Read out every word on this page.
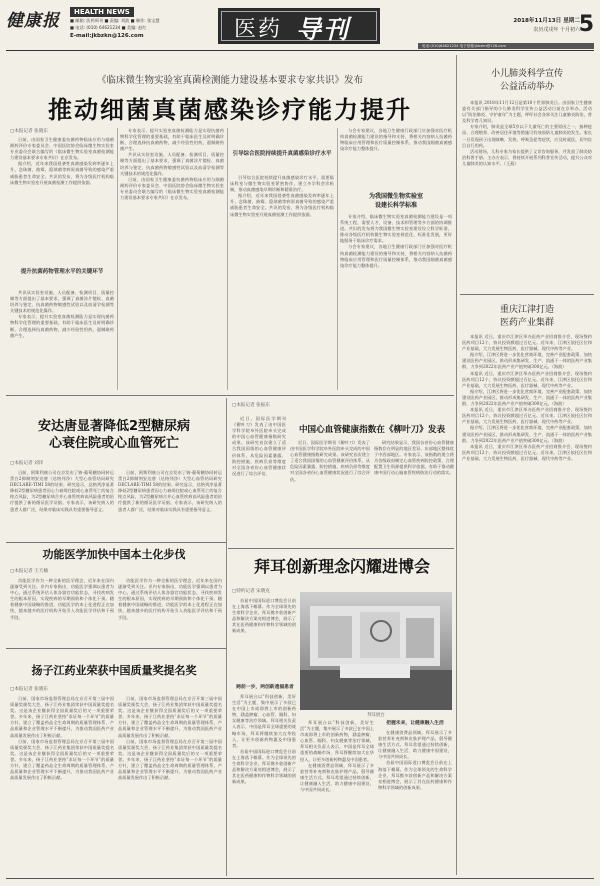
健康报	HEALTH NEWS
■ 邮箱: 医药周刊 ■ 责编: 刘波 ■ 制作: 张宝慧
■ 电话: (010) 64621234 ■ 美编: 赵红
E-mail:jkbzkn@126.com	医药 导刊	2018年11月13日 星期二
农历戊戌年 十月初六
5
电话:(010)64621234 电子信箱:jkbzkn@126.com
《临床微生物实验室真菌检测能力建设基本要求专家共识》发布
推动细菌真菌感染诊疗能力提升
□本报记者 张晓东

日前，由国家卫生健康委抗菌药物临床应用与细菌耐药评价专家委员会、中国医院协会临床微生物实验室专业委员会联合编写的《临床微生物实验室真菌检测能力建设基本要求专家共识》在京发布。

据介绍，近年来我国侵袭性真菌感染发病率逐年上升，念珠菌、曲霉、隐球菌等病原真菌导致的感染严重威胁患者生命安全。共识的发布，将为各级医疗机构临床微生物实验室开展真菌检测工作提供依据。

提升抗菌药物管理水平的关键环节

共识从实验室设施、人员配备、检测项目、质量控制等方面提出了基本要求，强调了真菌涂片镜检、真菌培养与鉴定、抗真菌药物敏感性试验以及血清学检测等关键技术的规范化操作。

专家表示，提升实验室真菌检测能力是实现抗菌药物科学化管理的重要基础，有助于临床医生及时明确诊断，合理选择抗真菌药物，减少经验性用药，遏制耐药菌产生。

专家表示，提升实验室真菌检测能力是实现抗菌药物科学化管理的重要基础，有助于临床医生及时明确诊断，合理选择抗真菌药物，减少经验性用药，遏制耐药菌产生。

共识从实验室设施、人员配备、检测项目、质量控制等方面提出了基本要求，强调了真菌涂片镜检、真菌培养与鉴定、抗真菌药物敏感性试验以及血清学检测等关键技术的规范化操作。

日前，由国家卫生健康委抗菌药物临床应用与细菌耐药评价专家委员会、中国医院协会临床微生物实验室专业委员会联合编写的《临床微生物实验室真菌检测能力建设基本要求专家共识》在京发布。

引导综合医院持续提升真菌感染诊疗水平

引导综合医院持续提升真菌感染诊疗水平，需要临床科室与微生物实验室紧密协作，建立多学科会诊机制，推动真菌感染早期诊断和精准治疗。

据介绍，近年来我国侵袭性真菌感染发病率逐年上升，念珠菌、曲霉、隐球菌等病原真菌导致的感染严重威胁患者生命安全。共识的发布，将为各级医疗机构临床微生物实验室开展真菌检测工作提供依据。

与会专家建议，各地卫生健康行政部门应加强对医疗机构真菌检测能力建设的指导和支持，将相关内容纳入抗菌药物临床应用管理和医疗质量控制体系，推动我国细菌真菌感染诊疗能力整体提升。

为我国微生物实验室
设建长科学标准

专家介绍，临床微生物实验室真菌检测能力建设是一项系统工程，需要人才、设备、技术和管理等多方面的协调推进。共识的发布将为我国微生物实验室建设设立科学标准，推动各级医疗机构微生物实验室规范化、标准化发展，更好地服务于临床诊疗需求。

与会专家建议，各地卫生健康行政部门应加强对医疗机构真菌检测能力建设的指导和支持，将相关内容纳入抗菌药物临床应用管理和医疗质量控制体系，推动我国细菌真菌感染诊疗能力整体提升。

小儿肺炎科学宣传
公益活动举办

本报讯 2018年11月12日是第10个世界肺炎日。由国家卫生健康委有关部门指导的小儿肺炎科学宣传公益活动日前在京举办。活动以“防治肺炎、守护童年”为主题，呼吁社会各界关注儿童肺炎防治，普及科学育儿知识。

专家介绍，肺炎是全球5岁以下儿童死亡的主要原因之一，接种疫苗、合理喂养、改善居住环境等措施可有效预防儿童肺炎的发生。家长一旦发现孩子出现咳嗽、发热、呼吸急促等症状，应及时就医，切勿盲目自行用药。

活动现场，儿科专家为家长提供了义诊咨询服务，并发放了肺炎防治科普手册。主办方表示，将持续开展系列科普宣传活动，提升公众对儿童肺炎的认知水平。（王燕）

重庆江津打造
医药产业集群

本报讯 近日，重庆市江津区举办医药产业招商推介会，现场签约医药项目12个，协议投资额超过百亿元。近年来，江津区依托区位和产业基础，大力发展生物医药、医疗器械、现代中药等产业。

据介绍，江津区将进一步优化营商环境，完善产业配套政策，加快建设医药产业园区，推动形成集研发、生产、流通于一体的医药产业集群，力争到2022年医药产业产值突破300亿元。（海波）

本报讯 近日，重庆市江津区举办医药产业招商推介会，现场签约医药项目12个，协议投资额超过百亿元。近年来，江津区依托区位和产业基础，大力发展生物医药、医疗器械、现代中药等产业。

据介绍，江津区将进一步优化营商环境，完善产业配套政策，加快建设医药产业园区，推动形成集研发、生产、流通于一体的医药产业集群，力争到2022年医药产业产值突破300亿元。（海波）

本报讯 近日，重庆市江津区举办医药产业招商推介会，现场签约医药项目12个，协议投资额超过百亿元。近年来，江津区依托区位和产业基础，大力发展生物医药、医疗器械、现代中药等产业。

据介绍，江津区将进一步优化营商环境，完善产业配套政策，加快建设医药产业园区，推动形成集研发、生产、流通于一体的医药产业集群，力争到2022年医药产业产值突破300亿元。（海波）

本报讯 近日，重庆市江津区举办医药产业招商推介会，现场签约医药项目12个，协议投资额超过百亿元。近年来，江津区依托区位和产业基础，大力发展生物医药、医疗器械、现代中药等产业。

安达唐显著降低2型糖尿病
心衰住院或心血管死亡
□本报记者 刘洋

日前，阿斯利康公司在京发布了钠-葡萄糖协同转运蛋白2抑制剂安达唐（达格列净）大型心血管结局研究DECLARE-TIMI 58的结果。研究显示，达格列净显著降低2型糖尿病患者因心力衰竭住院或心血管死亡的复合终点风险，为2型糖尿病合并心血管疾病高风险患者的治疗提供了新的循证医学证据。专家表示，该研究纳入的患者人群广泛，结果对临床实践具有重要指导意义。

日前，阿斯利康公司在京发布了钠-葡萄糖协同转运蛋白2抑制剂安达唐（达格列净）大型心血管结局研究DECLARE-TIMI 58的结果。研究显示，达格列净显著降低2型糖尿病患者因心力衰竭住院或心血管死亡的复合终点风险，为2型糖尿病合并心血管疾病高风险患者的治疗提供了新的循证医学证据。专家表示，该研究纳入的患者人群广泛，结果对临床实践具有重要指导意义。

功能医学加快中国本土化步伐
□本报记者 王天楠

功能医学作为一种全新的医学理念，近年来在国内逐渐受到关注。业内专家指出，功能医学强调以患者为中心，通过系统评估人体各器官功能状态，寻找疾病发生的根本原因，实现疾病的早期预防和个体化干预。随着健康中国战略的推进，功能医学的本土化进程正在加快，越来越多的医疗机构开始引入功能医学评估和干预手段。

功能医学作为一种全新的医学理念，近年来在国内逐渐受到关注。业内专家指出，功能医学强调以患者为中心，通过系统评估人体各器官功能状态，寻找疾病发生的根本原因，实现疾病的早期预防和个体化干预。随着健康中国战略的推进，功能医学的本土化进程正在加快，越来越多的医疗机构开始引入功能医学评估和干预手段。

扬子江药业荣获中国质量奖提名奖
□本报记者 张晓东

日前，国家市场监督管理总局在京召开第三届中国质量奖颁奖大会，扬子江药业集团荣获中国质量奖提名奖。这是该企业继获得全国质量奖后的又一项重要荣誉。多年来，扬子江药业坚持“求证每一个环节”的质量方针，建立了覆盖药品全生命周期的质量管理体系，产品质量和企业管理水平不断提升，为推动我国医药产业高质量发展作出了积极贡献。

日前，国家市场监督管理总局在京召开第三届中国质量奖颁奖大会，扬子江药业集团荣获中国质量奖提名奖。这是该企业继获得全国质量奖后的又一项重要荣誉。多年来，扬子江药业坚持“求证每一个环节”的质量方针，建立了覆盖药品全生命周期的质量管理体系，产品质量和企业管理水平不断提升，为推动我国医药产业高质量发展作出了积极贡献。

日前，国家市场监督管理总局在京召开第三届中国质量奖颁奖大会，扬子江药业集团荣获中国质量奖提名奖。这是该企业继获得全国质量奖后的又一项重要荣誉。多年来，扬子江药业坚持“求证每一个环节”的质量方针，建立了覆盖药品全生命周期的质量管理体系，产品质量和企业管理水平不断提升，为推动我国医药产业高质量发展作出了积极贡献。

日前，国家市场监督管理总局在京召开第三届中国质量奖颁奖大会，扬子江药业集团荣获中国质量奖提名奖。这是该企业继获得全国质量奖后的又一项重要荣誉。多年来，扬子江药业坚持“求证每一个环节”的质量方针，建立了覆盖药品全生命周期的质量管理体系，产品质量和企业管理水平不断提升，为推动我国医药产业高质量发展作出了积极贡献。

□本报记者 张振东
中国心血管健康指数在《柳叶刀》发表

近日，国际医学期刊《柳叶刀》发表了由中国医学科学院阜外医院牵头完成的中国心血管健康指数研究成果。该研究首次建立了适合我国国情的心血管健康评价体系，从危险因素暴露、防控措施、疾病负担等维度对全国各省份心血管健康状况进行了综合评估。

近日，国际医学期刊《柳叶刀》发表了由中国医学科学院阜外医院牵头完成的中国心血管健康指数研究成果。该研究首次建立了适合我国国情的心血管健康评价体系，从危险因素暴露、防控措施、疾病负担等维度对全国各省份心血管健康状况进行了综合评估。

研究结果显示，我国各省份心血管健康指数存在明显的地区差异，东部地区整体优于中西部地区。专家表示，该指数的建立将为各级政府制定心血管疾病防控政策、合理配置卫生资源提供科学依据，有助于推动健康中国行动心脑血管疾病防治行动的落实。

拜耳创新理念闪耀进博会
□特约记者 宋晓克

首届中国国际进口博览会日前在上海落下帷幕。作为全球领先的生命科学企业，拜耳携多款创新产品和解决方案亮相进博会，展示了其在医药健康和作物科学领域的创新成果。

跨前一步，两创新遗福患者

拜耳展台以“科技创新，美好生活”为主题，集中展示了多款已在中国上市或即将上市的创新药物，涵盖肿瘤、心血管、眼科、妇女健康等治疗领域。拜耳相关负责人表示，中国是拜耳全球重要的战略市场，拜耳将继续加大在华投入，让更多创新药物惠及中国患者。

首届中国国际进口博览会日前在上海落下帷幕。作为全球领先的生命科学企业，拜耳携多款创新产品和解决方案亮相进博会，展示了其在医药健康和作物科学领域的创新成果。

拜耳展台

拜耳展台以“科技创新，美好生活”为主题，集中展示了多款已在中国上市或即将上市的创新药物，涵盖肿瘤、心血管、眼科、妇女健康等治疗领域。拜耳相关负责人表示，中国是拜耳全球重要的战略市场，拜耳将继续加大在华投入，让更多创新药物惠及中国患者。

在健康消费品领域，拜耳展示了多款营养补充剂和皮肤护理产品，倡导健康生活方式。拜耳希望通过持续创新，让健康融入生活，助力健康中国建设，与中国共同成长。

把握未来，让健康融入生活

在健康消费品领域，拜耳展示了多款营养补充剂和皮肤护理产品，倡导健康生活方式。拜耳希望通过持续创新，让健康融入生活，助力健康中国建设，与中国共同成长。

首届中国国际进口博览会日前在上海落下帷幕。作为全球领先的生命科学企业，拜耳携多款创新产品和解决方案亮相进博会，展示了其在医药健康和作物科学领域的创新成果。
